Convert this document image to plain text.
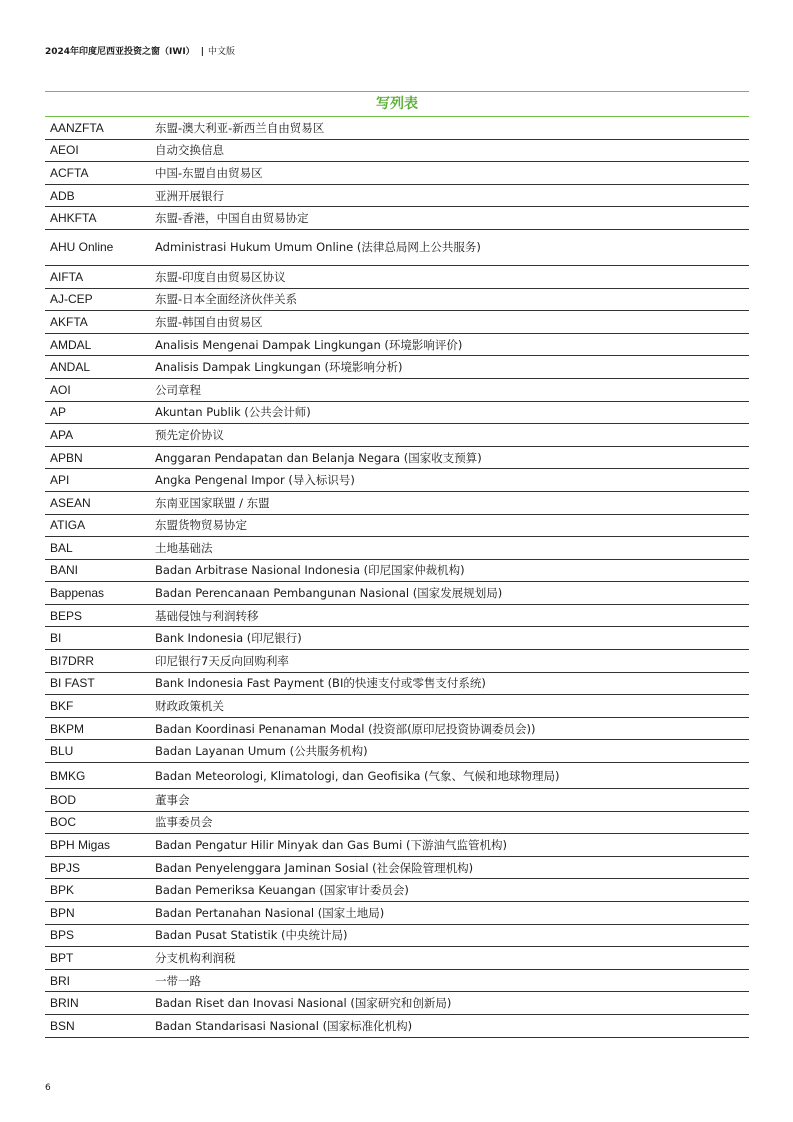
2024年印度尼西亚投资之窗（IWI） | 中文版
写列表
AANZFTA	东盟-澳大利亚-新西兰自由贸易区
AEOI	自动交换信息
ACFTA	中国-东盟自由贸易区
ADB	亚洲开展银行
AHKFTA	东盟-香港，中国自由贸易协定
AHU Online	Administrasi Hukum Umum Online (法律总局网上公共服务)
AIFTA	东盟-印度自由贸易区协议
AJ-CEP	东盟-日本全面经济伙伴关系
AKFTA	东盟-韩国自由贸易区
AMDAL	Analisis Mengenai Dampak Lingkungan (环境影响评价)
ANDAL	Analisis Dampak Lingkungan (环境影响分析)
AOI	公司章程
AP	Akuntan Publik (公共会计师)
APA	预先定价协议
APBN	Anggaran Pendapatan dan Belanja Negara (国家收支预算)
API	Angka Pengenal Impor (导入标识号)
ASEAN	东南亚国家联盟 / 东盟
ATIGA	东盟货物贸易协定
BAL	土地基础法
BANI	Badan Arbitrase Nasional Indonesia (印尼国家仲裁机构)
Bappenas	Badan Perencanaan Pembangunan Nasional (国家发展规划局)
BEPS	基础侵蚀与利润转移
BI	Bank Indonesia (印尼银行)
BI7DRR	印尼银行7天反向回购利率
BI FAST	Bank Indonesia Fast Payment (BI的快速支付或零售支付系统)
BKF	财政政策机关
BKPM	Badan Koordinasi Penanaman Modal (投资部(原印尼投资协调委员会))
BLU	Badan Layanan Umum (公共服务机构)
BMKG	Badan Meteorologi, Klimatologi, dan Geofisika (气象、气候和地球物理局)
BOD	董事会
BOC	监事委员会
BPH Migas	Badan Pengatur Hilir Minyak dan Gas Bumi (下游油气监管机构)
BPJS	Badan Penyelenggara Jaminan Sosial (社会保险管理机构)
BPK	Badan Pemeriksa Keuangan (国家审计委员会)
BPN	Badan Pertanahan Nasional (国家土地局)
BPS	Badan Pusat Statistik (中央统计局)
BPT	分支机构利润税
BRI	一带一路
BRIN	Badan Riset dan Inovasi Nasional (国家研究和创新局)
BSN	Badan Standarisasi Nasional (国家标准化机构)
6
